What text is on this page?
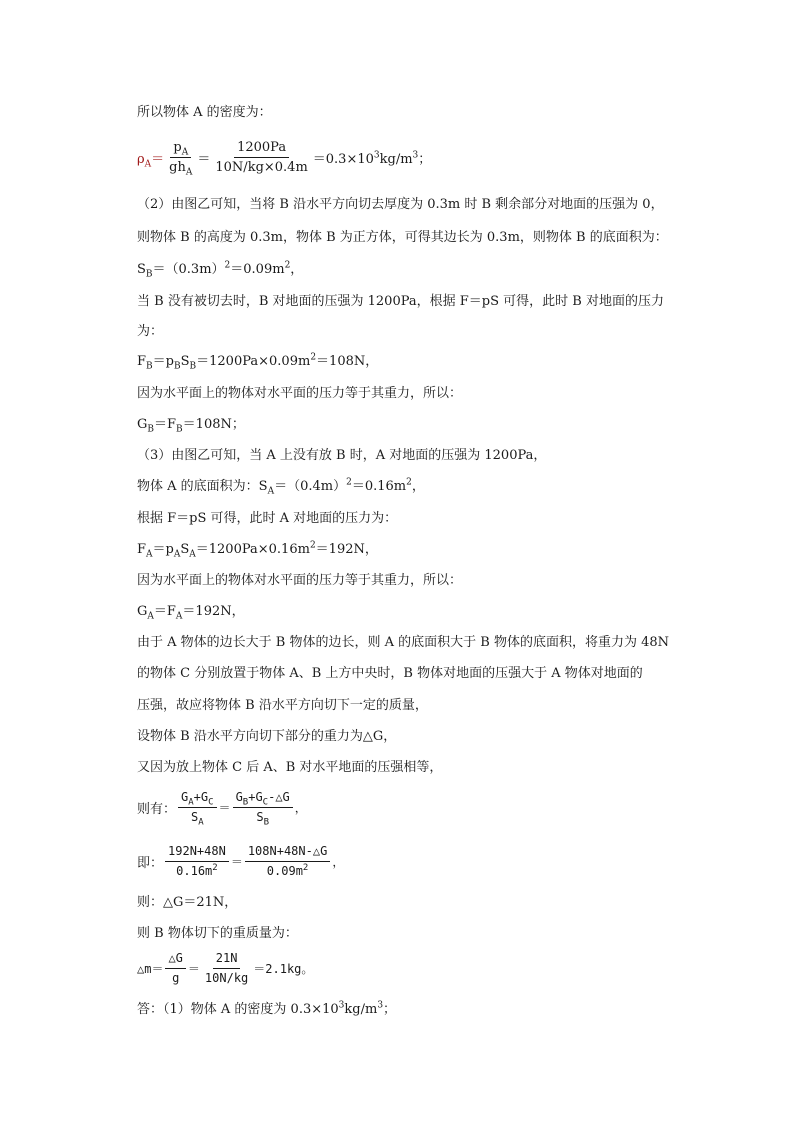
所以物体 A 的密度为：
$\rho_A= \frac{p_A}{gh_A} = \frac{1200Pa}{10N/kg\times 0.4m} =0.3\times 10^3kg/m^3$；
（2）由图乙可知，当将 B 沿水平方向切去厚度为 0.3m 时 B 剩余部分对地面的压强为 0，
则物体 B 的高度为 0.3m，物体 B 为正方体，可得其边长为 0.3m，则物体 B 的底面积为：
$S_B=(0.3m)^2=0.09m^2$，
当 B 没有被切去时，B 对地面的压强为 1200Pa，根据 F＝pS 可得，此时 B 对地面的压力
为：
$F_B=p_BS_B=1200Pa\times 0.09m^2=108N$，
因为水平面上的物体对水平面的压力等于其重力，所以：
$G_B=F_B=108N$；
（3）由图乙可知，当 A 上没有放 B 时，A 对地面的压强为 1200Pa，
物体 A 的底面积为：$S_A=(0.4m)^2=0.16m^2$，
根据 F＝pS 可得，此时 A 对地面的压力为：
$F_A=p_AS_A=1200Pa\times 0.16m^2=192N$，
因为水平面上的物体对水平面的压力等于其重力，所以：
$G_A=F_A=192N$，
由于 A 物体的边长大于 B 物体的边长，则 A 的底面积大于 B 物体的底面积，将重力为 48N
的物体 C 分别放置于物体 A、B 上方中央时，B 物体对地面的压强大于 A 物体对地面的
压强，故应将物体 B 沿水平方向切下一定的质量，
设物体 B 沿水平方向切下部分的重力为△G，
又因为放上物体 C 后 A、B 对水平地面的压强相等，
则有： $\frac{G_A+G_C}{S_A} = \frac{G_B+G_C-\triangle G}{S_B}$ ，
即： $\frac{192N+48N}{0.16m^2} = \frac{108N+48N-\triangle G}{0.09m^2}$ ，
则：△G＝21N，
则 B 物体切下的重质量为：
△m＝ $\frac{\triangle G}{g} = \frac{21N}{10N/kg} =2.1kg$。
答：（1）物体 A 的密度为 $0.3\times 10^3kg/m^3$；
